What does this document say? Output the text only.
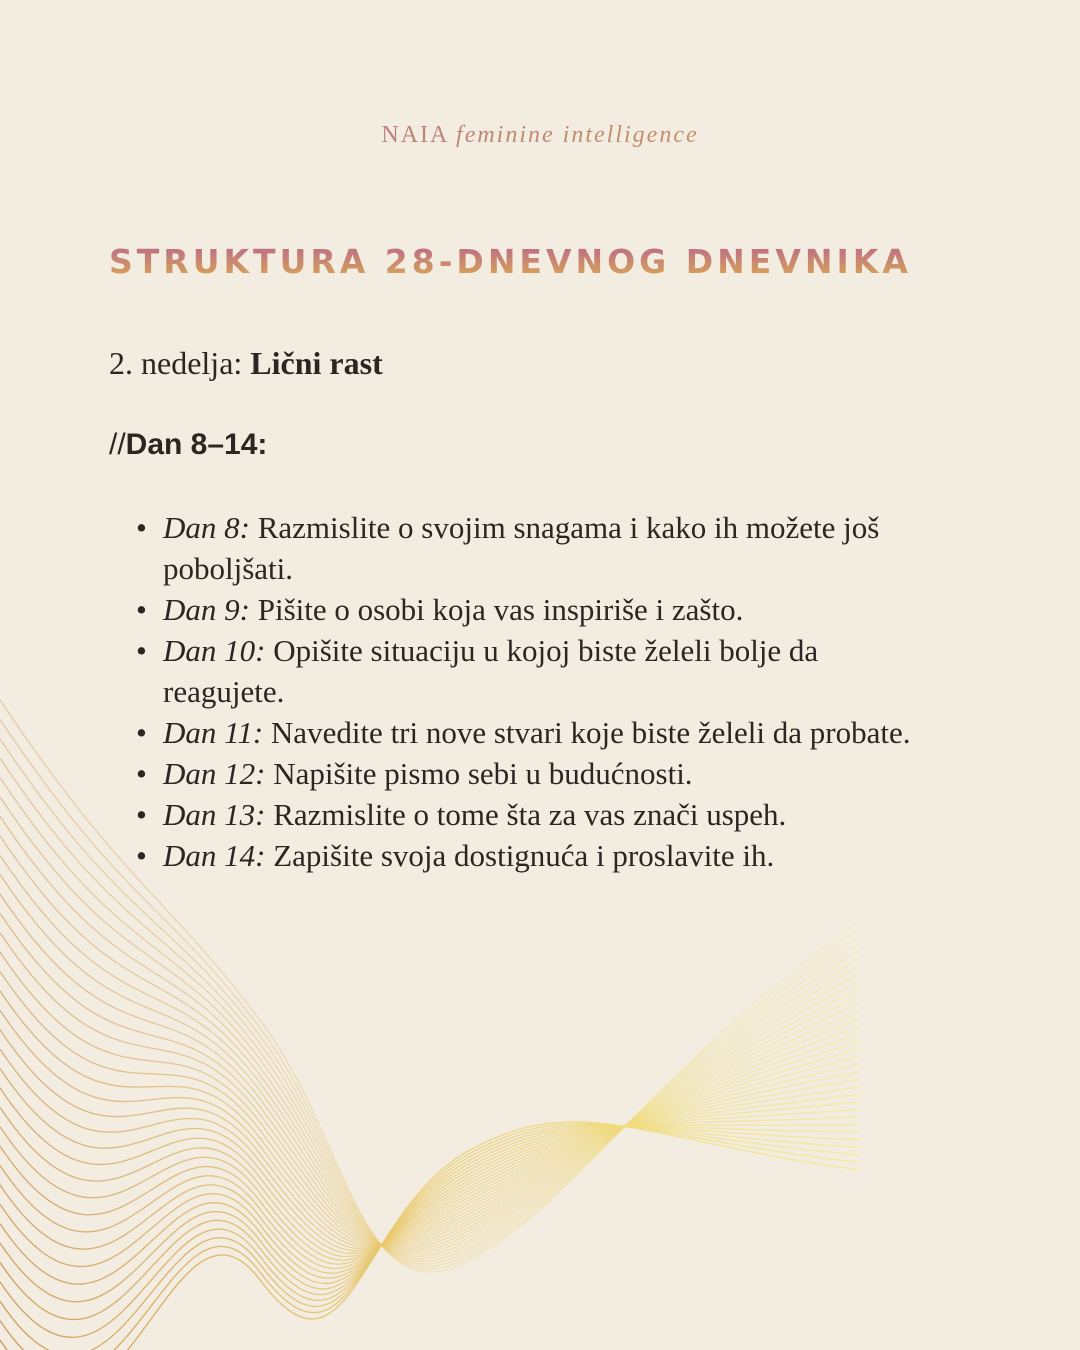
NAIA feminine intelligence
STRUKTURA 28-DNEVNOG DNEVNIKA
2. nedelja: Lični rast
//Dan 8–14:
• Dan 8: Razmislite o svojim snagama i kako ih možete još poboljšati.
• Dan 9: Pišite o osobi koja vas inspiriše i zašto.
• Dan 10: Opišite situaciju u kojoj biste želeli bolje da reagujete.
• Dan 11: Navedite tri nove stvari koje biste želeli da probate.
• Dan 12: Napišite pismo sebi u budućnosti.
• Dan 13: Razmislite o tome šta za vas znači uspeh.
• Dan 14: Zapišite svoja dostignuća i proslavite ih.
